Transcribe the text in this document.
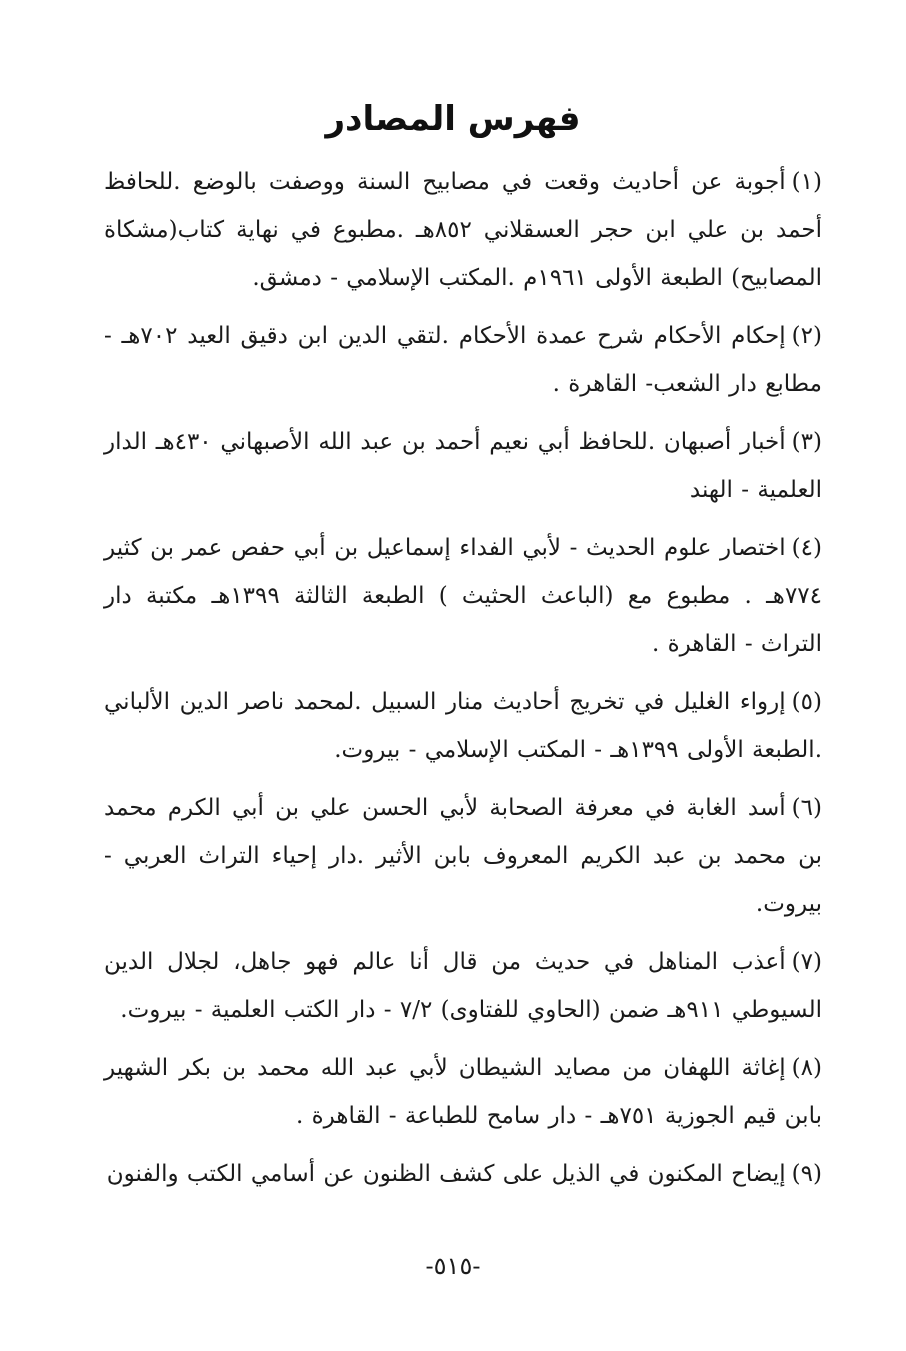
فهرس المصادر

(١)أجوبة عن أحاديث وقعت في مصابيح السنة ووصفت بالوضع .للحافظ أحمد بن علي ابن حجر العسقلاني ٨٥٢هـ .مطبوع في نهاية كتاب(مشكاة المصابيح) الطبعة الأولى ١٩٦١م .المكتب الإسلامي - دمشق.

(٢)إحكام الأحكام شرح عمدة الأحكام .لتقي الدين ابن دقيق العيد ٧٠٢هـ - مطابع دار الشعب- القاهرة .

(٣)أخبار أصبهان .للحافظ أبي نعيم أحمد بن عبد الله الأصبهاني ٤٣٠هـ الدار العلمية - الهند

(٤)اختصار علوم الحديث - لأبي الفداء إسماعيل بن أبي حفص عمر بن كثير ٧٧٤هـ . مطبوع مع (الباعث الحثيث ) الطبعة الثالثة ١٣٩٩هـ مكتبة دار التراث - القاهرة .

(٥)إرواء الغليل في تخريج أحاديث منار السبيل .لمحمد ناصر الدين الألباني .الطبعة الأولى ١٣٩٩هـ - المكتب الإسلامي - بيروت.

(٦)أسد الغابة في معرفة الصحابة لأبي الحسن علي بن أبي الكرم محمد بن محمد بن عبد الكريم المعروف بابن الأثير .دار إحياء التراث العربي - بيروت.

(٧)أعذب المناهل في حديث من قال أنا عالم فهو جاهل، لجلال الدين السيوطي ٩١١هـ ضمن (الحاوي للفتاوى) ٧/٢ - دار الكتب العلمية - بيروت.

(٨)إغاثة اللهفان من مصايد الشيطان لأبي عبد الله محمد بن بكر الشهير بابن قيم الجوزية ٧٥١هـ - دار سامح للطباعة - القاهرة .

(٩)إيضاح المكنون في الذيل على كشف الظنون عن أسامي الكتب والفنون

-٥١٥-
